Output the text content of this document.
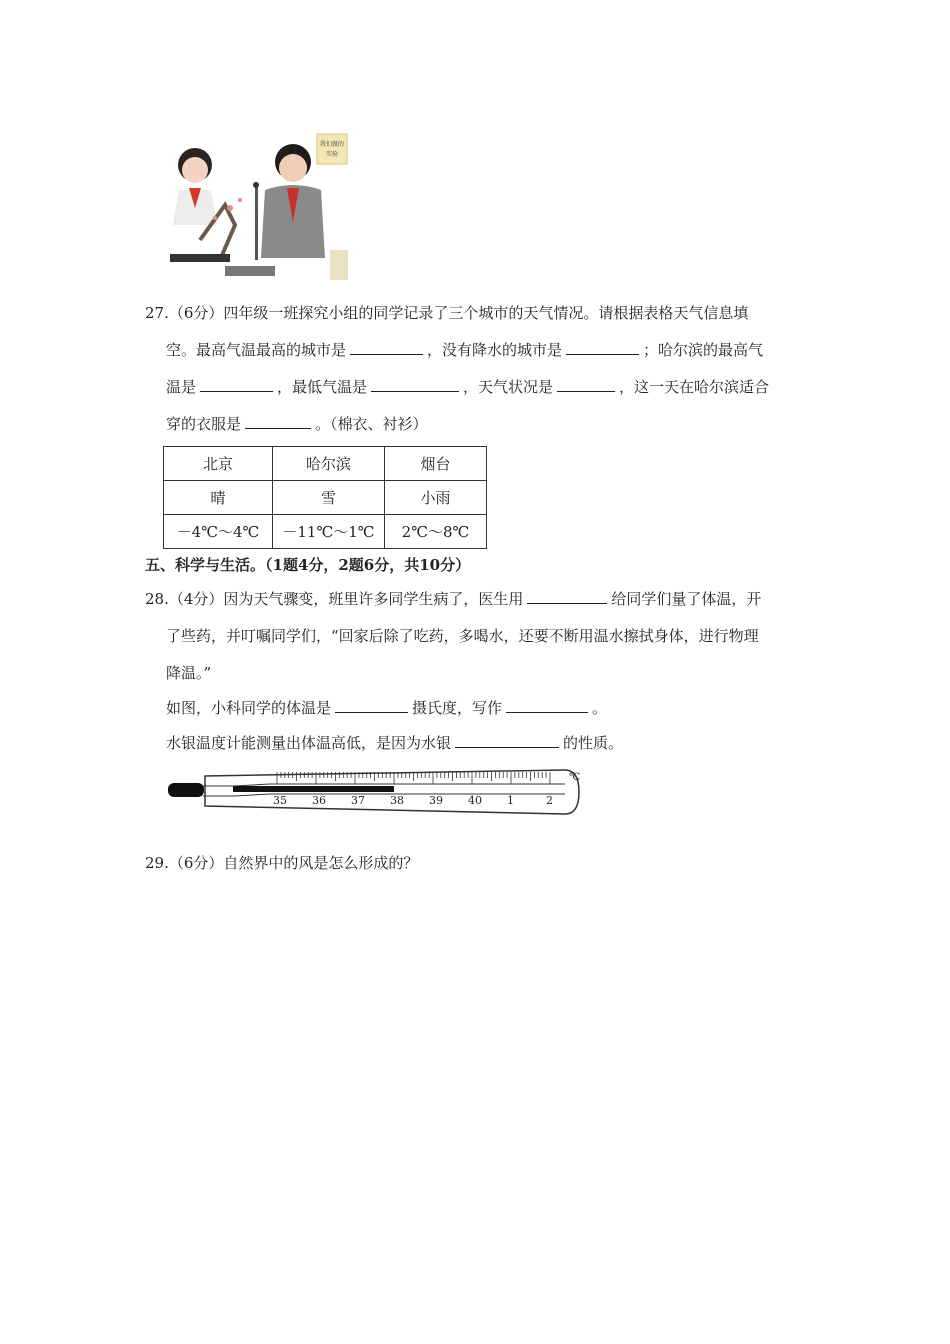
我们做的
实验
27.（6分）四年级一班探究小组的同学记录了三个城市的天气情况。请根据表格天气信息填
空。最高气温最高的城市是	，没有降水的城市是	；哈尔滨的最高气
温是	，最低气温是	，天气状况是	，这一天在哈尔滨适合
穿的衣服是	。（棉衣、衬衫）
北京	哈尔滨	烟台
晴	雪	小雨
－4℃～4℃	－11℃～1℃	2℃～8℃
五、科学与生活。（1题4分，2题6分，共10分）
28.（4分）因为天气骤变，班里许多同学生病了，医生用	给同学们量了体温，开
了些药，并叮嘱同学们，“回家后除了吃药，多喝水，还要不断用温水擦拭身体，进行物理
降温。”
如图，小科同学的体温是	摄氏度，写作	。
水银温度计能测量出体温高低，是因为水银	的性质。
35 36 37 38 39 40 1	2
℃
29.（6分）自然界中的风是怎么形成的？
